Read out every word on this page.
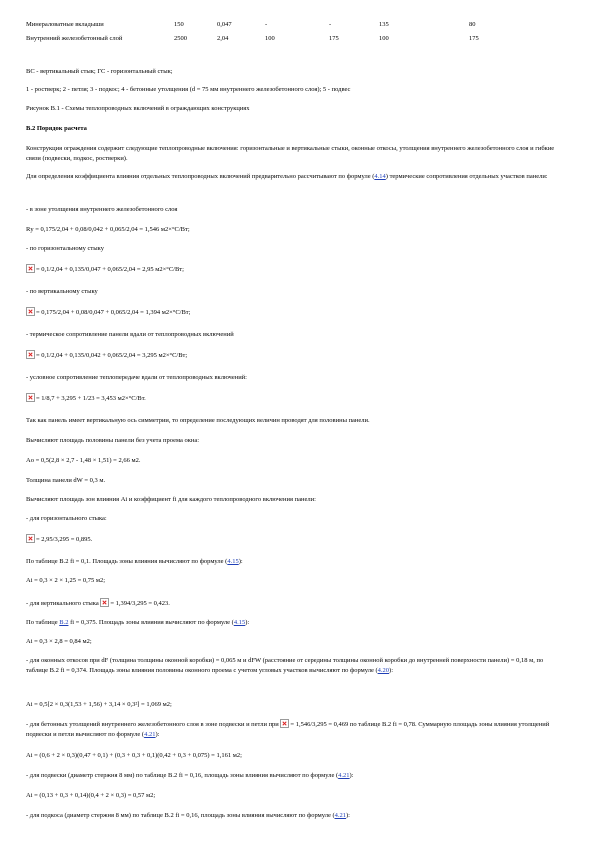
Минераловатные вкладыши	150	0,047	-	-	135	80
Внутренний железобетонный слой	2500	2,04	100	175	100	175

ВС - вертикальный стык; ГС - горизонтальный стык;

1 - ростверк; 2 - петля; 3 - подкос; 4 - бетонные утолщения (d = 75 мм внутреннего железобетонного слоя); 5 - подвес

Рисунок В.1 - Схемы теплопроводных включений в ограждающих конструкциях

В.2 Порядок расчета

Конструкция ограждения содержит следующие теплопроводные включения: горизонтальные и вертикальные стыки, оконные откосы, утолщения внутреннего железобетонного слоя и гибкие связи (подвески, подкос, ростверки).

Для определения коэффициента влияния отдельных теплопроводных включений предварительно рассчитывают по формуле (4.14) термические сопротивления отдельных участков панели:

- в зоне утолщения внутреннего железобетонного слоя

Rу = 0,175/2,04 + 0,08/0,042 + 0,065/2,04 = 1,546 м2×°С/Вт;

- по горизонтальному стыку

= 0,1/2,04 + 0,135/0,047 + 0,065/2,04 = 2,95 м2×°С/Вт;

- по вертикальному стыку

= 0,175/2,04 + 0,08/0,047 + 0,065/2,04 = 1,394 м2×°С/Вт;

- термическое сопротивление панели вдали от теплопроводных включений

= 0,1/2,04 + 0,135/0,042 + 0,065/2,04 = 3,295 м2×°С/Вт;

- условное сопротивление теплопередаче вдали от теплопроводных включений:

= 1/8,7 + 3,295 + 1/23 = 3,453 м2×°С/Вт.

Так как панель имеет вертикальную ось симметрии, то определение последующих величин проводят для половины панели.

Вычисляют площадь половины панели без учета проема окна:

Ao = 0,5(2,8 × 2,7 - 1,48 × 1,51) = 2,66 м2.

Толщина панели dW = 0,3 м.

Вычисляют площадь зон влияния Ai и коэффициент fi для каждого теплопроводного включения панели:

- для горизонтального стыка:

= 2,95/3,295 = 0,895.

По таблице В.2 fi = 0,1. Площадь зоны влияния вычисляют по формуле (4.15):

Ai = 0,3 × 2 × 1,25 = 0,75 м2;

- для вертикального стыка = 1,394/3,295 = 0,423.

По таблице В.2 fi = 0,375. Площадь зоны влияния вычисляют по формуле (4.15):

Ai = 0,3 × 2,8 = 0,84 м2;

- для оконных откосов при dF (толщина толщины оконной коробки) = 0,065 м и dFW (расстояние от середины толщины оконной коробки до внутренней поверхности панели) = 0,18 м, по таблице В.2 fi = 0,374. Площадь зоны влияния половины оконного проема с учетом угловых участков вычисляют по формуле (4.20):

Ai = 0,5[2 × 0,3(1,53 + 1,56) + 3,14 × 0,3²] = 1,069 м2;

- для бетонных утолщений внутреннего железобетонного слоя в зоне подвески и петли при = 1,546/3,295 = 0,469 по таблице В.2 fi = 0,78. Суммарную площадь зоны влияния утолщений подвески и петли вычисляют по формуле (4.21):

Ai = (0,6 + 2 × 0,3)(0,47 + 0,1) + (0,3 + 0,3 + 0,1)(0,42 + 0,3 + 0,075) = 1,161 м2;

- для подвески (диаметр стержня 8 мм) по таблице В.2 fi = 0,16, площадь зоны влияния вычисляют по формуле (4.21):

Ai = (0,13 + 0,3 + 0,14)(0,4 + 2 × 0,3) = 0,57 м2;

- для подкоса (диаметр стержня 8 мм) по таблице В.2 fi = 0,16, площадь зоны влияния вычисляют по формуле (4.21):
